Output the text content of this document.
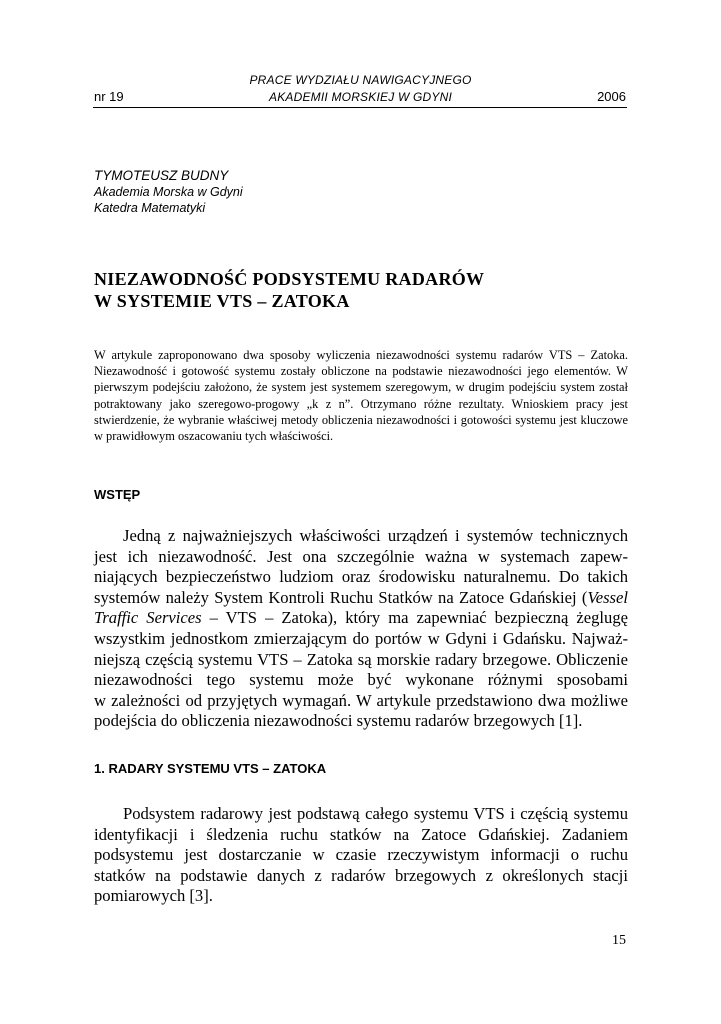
PRACE WYDZIAŁU NAWIGACYJNEGO
AKADEMII MORSKIEJ W GDYNI
nr 19	2006
TYMOTEUSZ BUDNY
Akademia Morska w Gdyni
Katedra Matematyki
NIEZAWODNOŚĆ PODSYSTEMU RADARÓW
W SYSTEMIE VTS – ZATOKA
W artykule zaproponowano dwa sposoby wyliczenia niezawodności systemu radarów VTS – Zatoka. Niezawodność i gotowość systemu zostały obliczone na podstawie niezawodności jego elementów. W pierwszym podejściu założono, że system jest systemem szeregowym, w drugim podejściu system został potraktowany jako szeregowo-progowy „k z n”. Otrzymano różne rezultaty. Wnioskiem pracy jest stwierdzenie, że wybranie właściwej metody obliczenia niezawodności i gotowości systemu jest kluczowe w prawidłowym oszacowaniu tych właściwości.
WSTĘP
Jedną z najważniejszych właściwości urządzeń i systemów technicznych
jest ich niezawodność. Jest ona szczególnie ważna w systemach zapew-
niających bezpieczeństwo ludziom oraz środowisku naturalnemu. Do takich
systemów należy System Kontroli Ruchu Statków na Zatoce Gdańskiej (Vessel
Traffic Services – VTS – Zatoka), który ma zapewniać bezpieczną żeglugę
wszystkim jednostkom zmierzającym do portów w Gdyni i Gdańsku. Najważ-
niejszą częścią systemu VTS – Zatoka są morskie radary brzegowe. Obliczenie
niezawodności tego systemu może być wykonane różnymi sposobami
w zależności od przyjętych wymagań. W artykule przedstawiono dwa możliwe
podejścia do obliczenia niezawodności systemu radarów brzegowych [1].
1. RADARY SYSTEMU VTS – ZATOKA
Podsystem radarowy jest podstawą całego systemu VTS i częścią systemu
identyfikacji i śledzenia ruchu statków na Zatoce Gdańskiej. Zadaniem
podsystemu jest dostarczanie w czasie rzeczywistym informacji o ruchu
statków na podstawie danych z radarów brzegowych z określonych stacji
pomiarowych [3].
15
